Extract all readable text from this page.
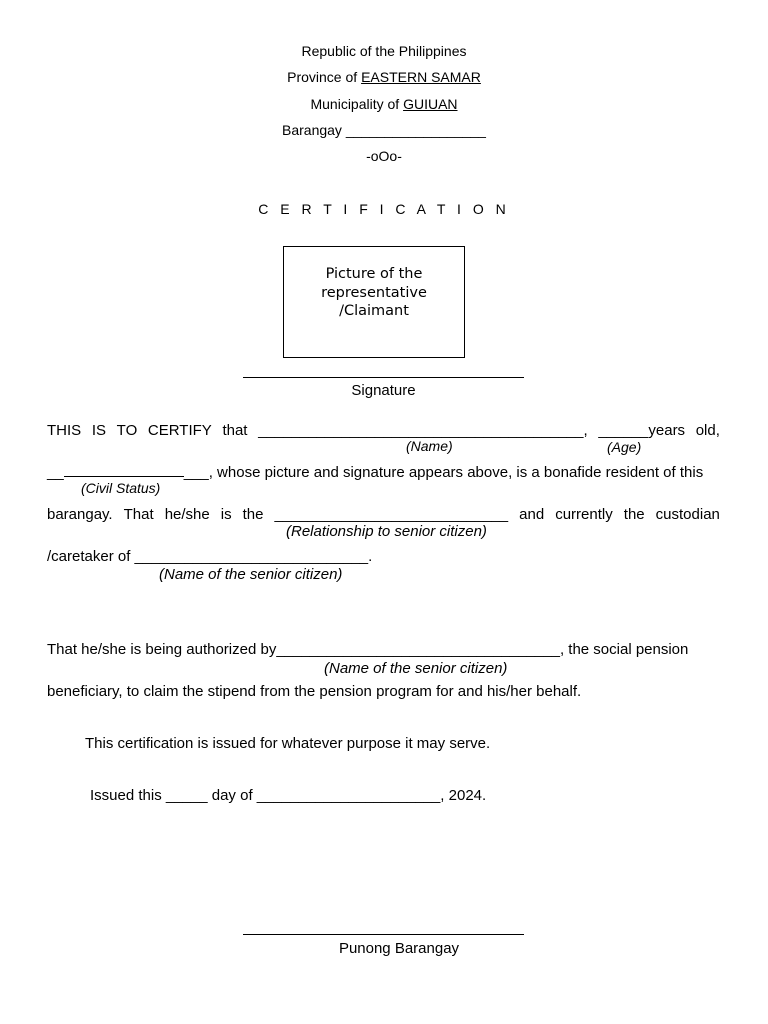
Republic of the Philippines
Province of EASTERN SAMAR
Municipality of GUIUAN
Barangay __________________
-oOo-
C E R T I F I C A T I O N
Picture of the
representative
/Claimant
Signature
THIS IS TO CERTIFY that _______________________________________, ______years old,
(Name)	(Age)
__	___, whose picture and signature appears above, is a bonafide resident of this
(Civil Status)
barangay. That he/she is the ____________________________ and currently the custodian
(Relationship to senior citizen)
/caretaker of ____________________________.
(Name of the senior citizen)
That he/she is being authorized by__________________________________, the social pension
(Name of the senior citizen)
beneficiary, to claim the stipend from the pension program for and his/her behalf.
This certification is issued for whatever purpose it may serve.
Issued this _____ day of ______________________, 2024.
Punong Barangay
